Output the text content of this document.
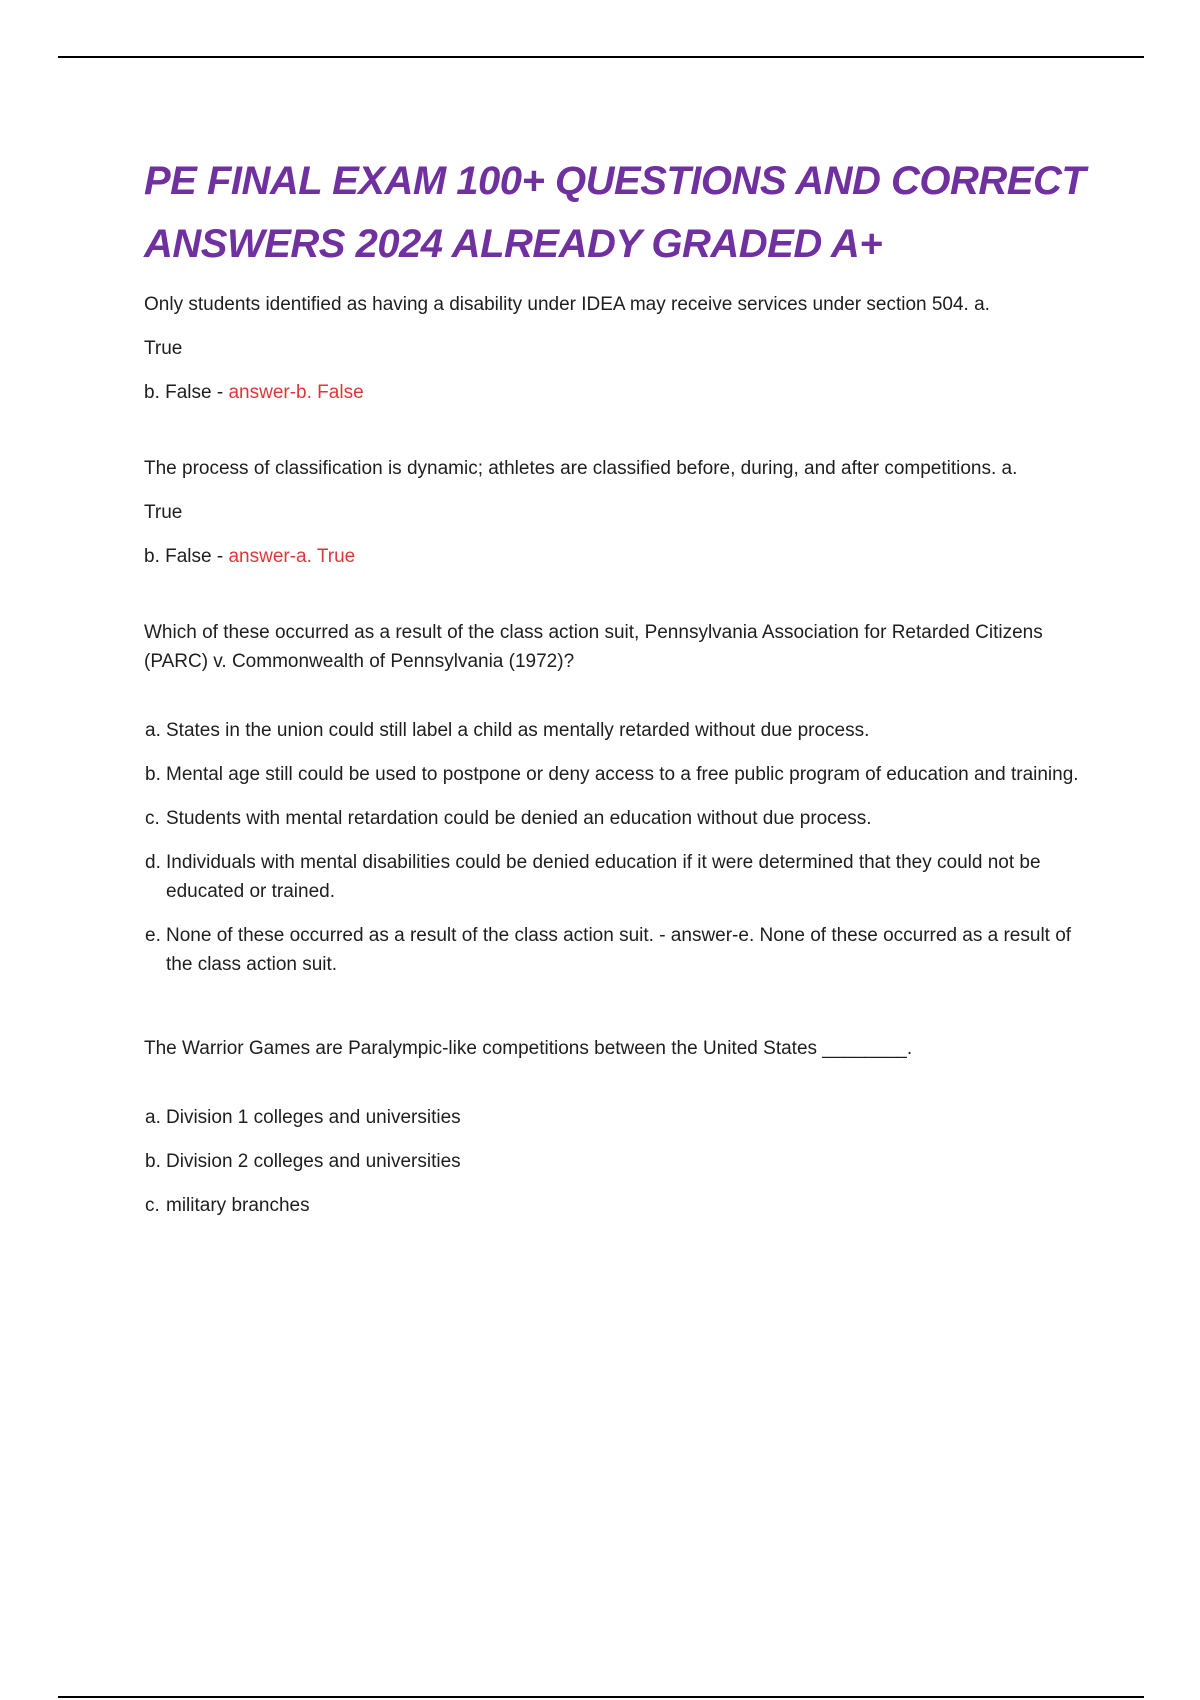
PE FINAL EXAM 100+ QUESTIONS AND CORRECT ANSWERS 2024 ALREADY GRADED A+

Only students identified as having a disability under IDEA may receive services under section 504. a.

True

b. False - answer-b. False

The process of classification is dynamic; athletes are classified before, during, and after competitions. a.

True

b. False - answer-a. True

Which of these occurred as a result of the class action suit, Pennsylvania Association for Retarded Citizens (PARC) v. Commonwealth of Pennsylvania (1972)?

a. States in the union could still label a child as mentally retarded without due process.
b. Mental age still could be used to postpone or deny access to a free public program of education and training.
c. Students with mental retardation could be denied an education without due process.
d. Individuals with mental disabilities could be denied education if it were determined that they could not be educated or trained.
e. None of these occurred as a result of the class action suit. - answer-e. None of these occurred as a result of the class action suit.

The Warrior Games are Paralympic-like competitions between the United States ________.

a. Division 1 colleges and universities
b. Division 2 colleges and universities
c. military branches
